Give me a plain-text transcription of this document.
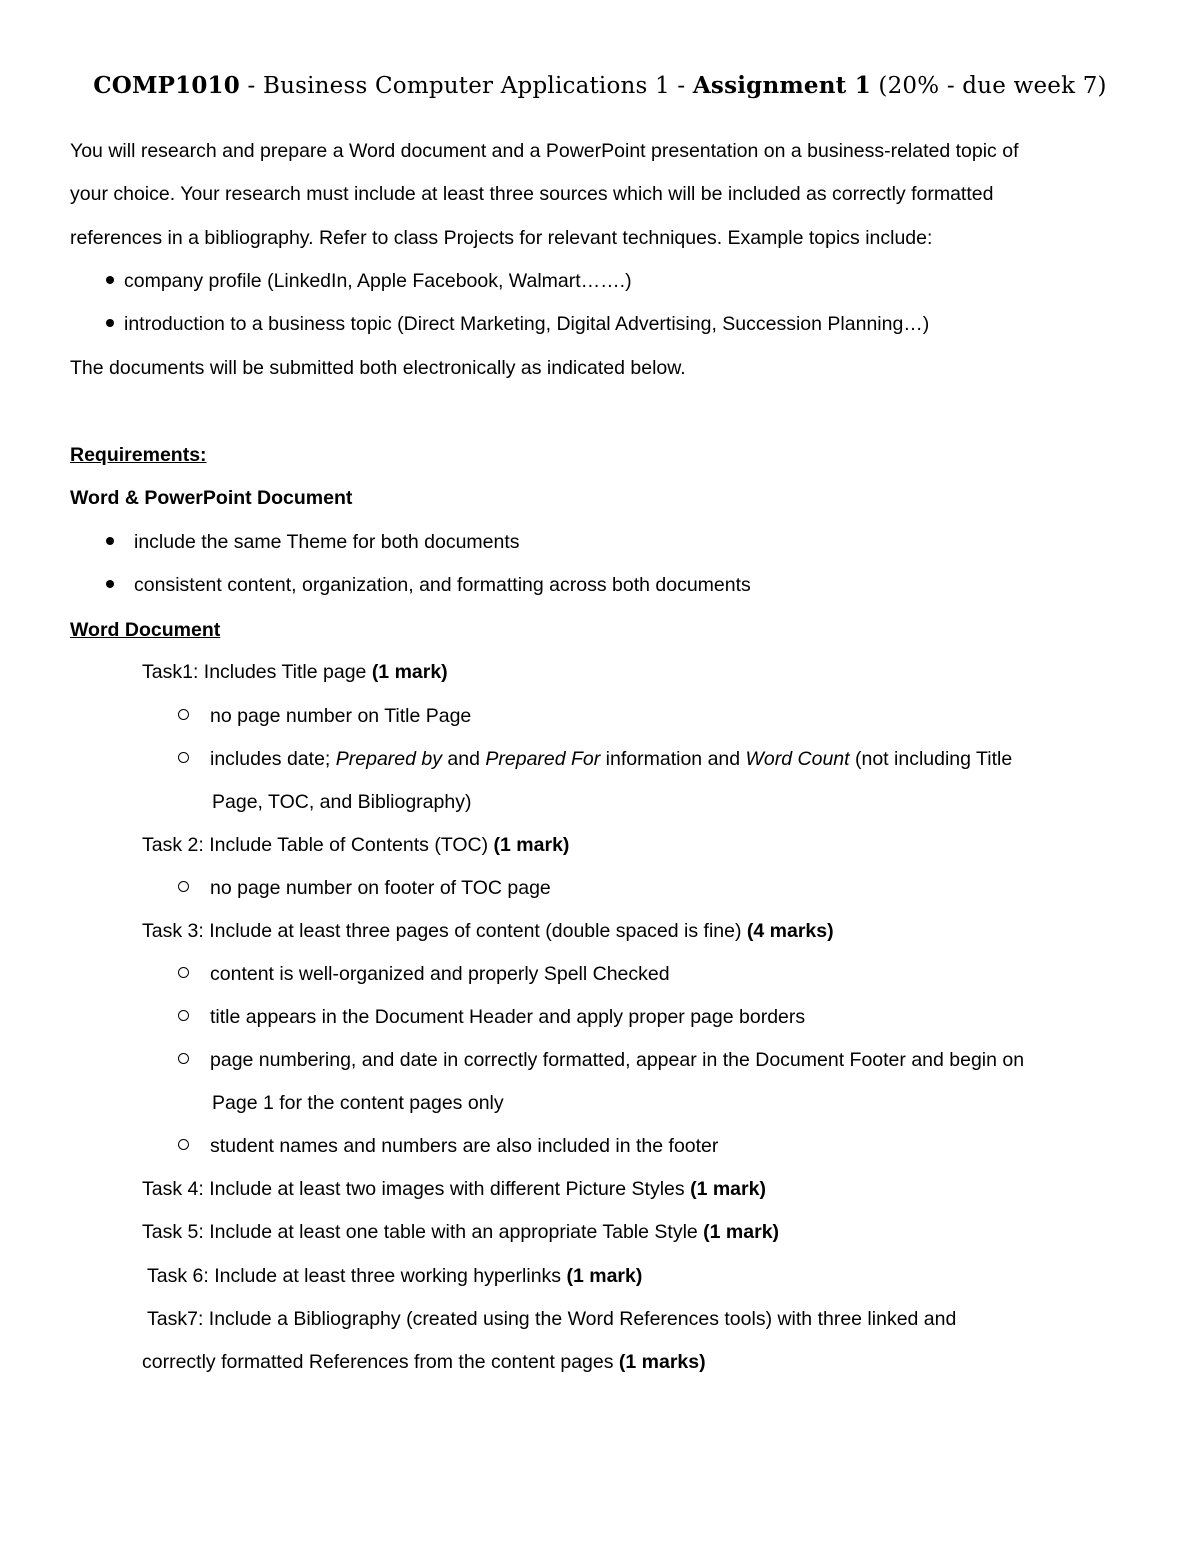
COMP1010 - Business Computer Applications 1 - Assignment 1 (20% - due week 7)
You will research and prepare a Word document and a PowerPoint presentation on a business-related topic of
your choice. Your research must include at least three sources which will be included as correctly formatted
references in a bibliography. Refer to class Projects for relevant techniques. Example topics include:
company profile (LinkedIn, Apple Facebook, Walmart…….)
introduction to a business topic (Direct Marketing, Digital Advertising, Succession Planning…)
The documents will be submitted both electronically as indicated below.
Requirements:
Word & PowerPoint Document
include the same Theme for both documents
consistent content, organization, and formatting across both documents
Word Document
Task1: Includes Title page (1 mark)
no page number on Title Page
includes date; Prepared by and Prepared For information and Word Count (not including Title
Page, TOC, and Bibliography)
Task 2: Include Table of Contents (TOC) (1 mark)
no page number on footer of TOC page
Task 3: Include at least three pages of content (double spaced is fine) (4 marks)
content is well-organized and properly Spell Checked
title appears in the Document Header and apply proper page borders
page numbering, and date in correctly formatted, appear in the Document Footer and begin on
Page 1 for the content pages only
student names and numbers are also included in the footer
Task 4: Include at least two images with different Picture Styles (1 mark)
Task 5: Include at least one table with an appropriate Table Style (1 mark)
Task 6: Include at least three working hyperlinks (1 mark)
Task7: Include a Bibliography (created using the Word References tools) with three linked and
correctly formatted References from the content pages (1 marks)
